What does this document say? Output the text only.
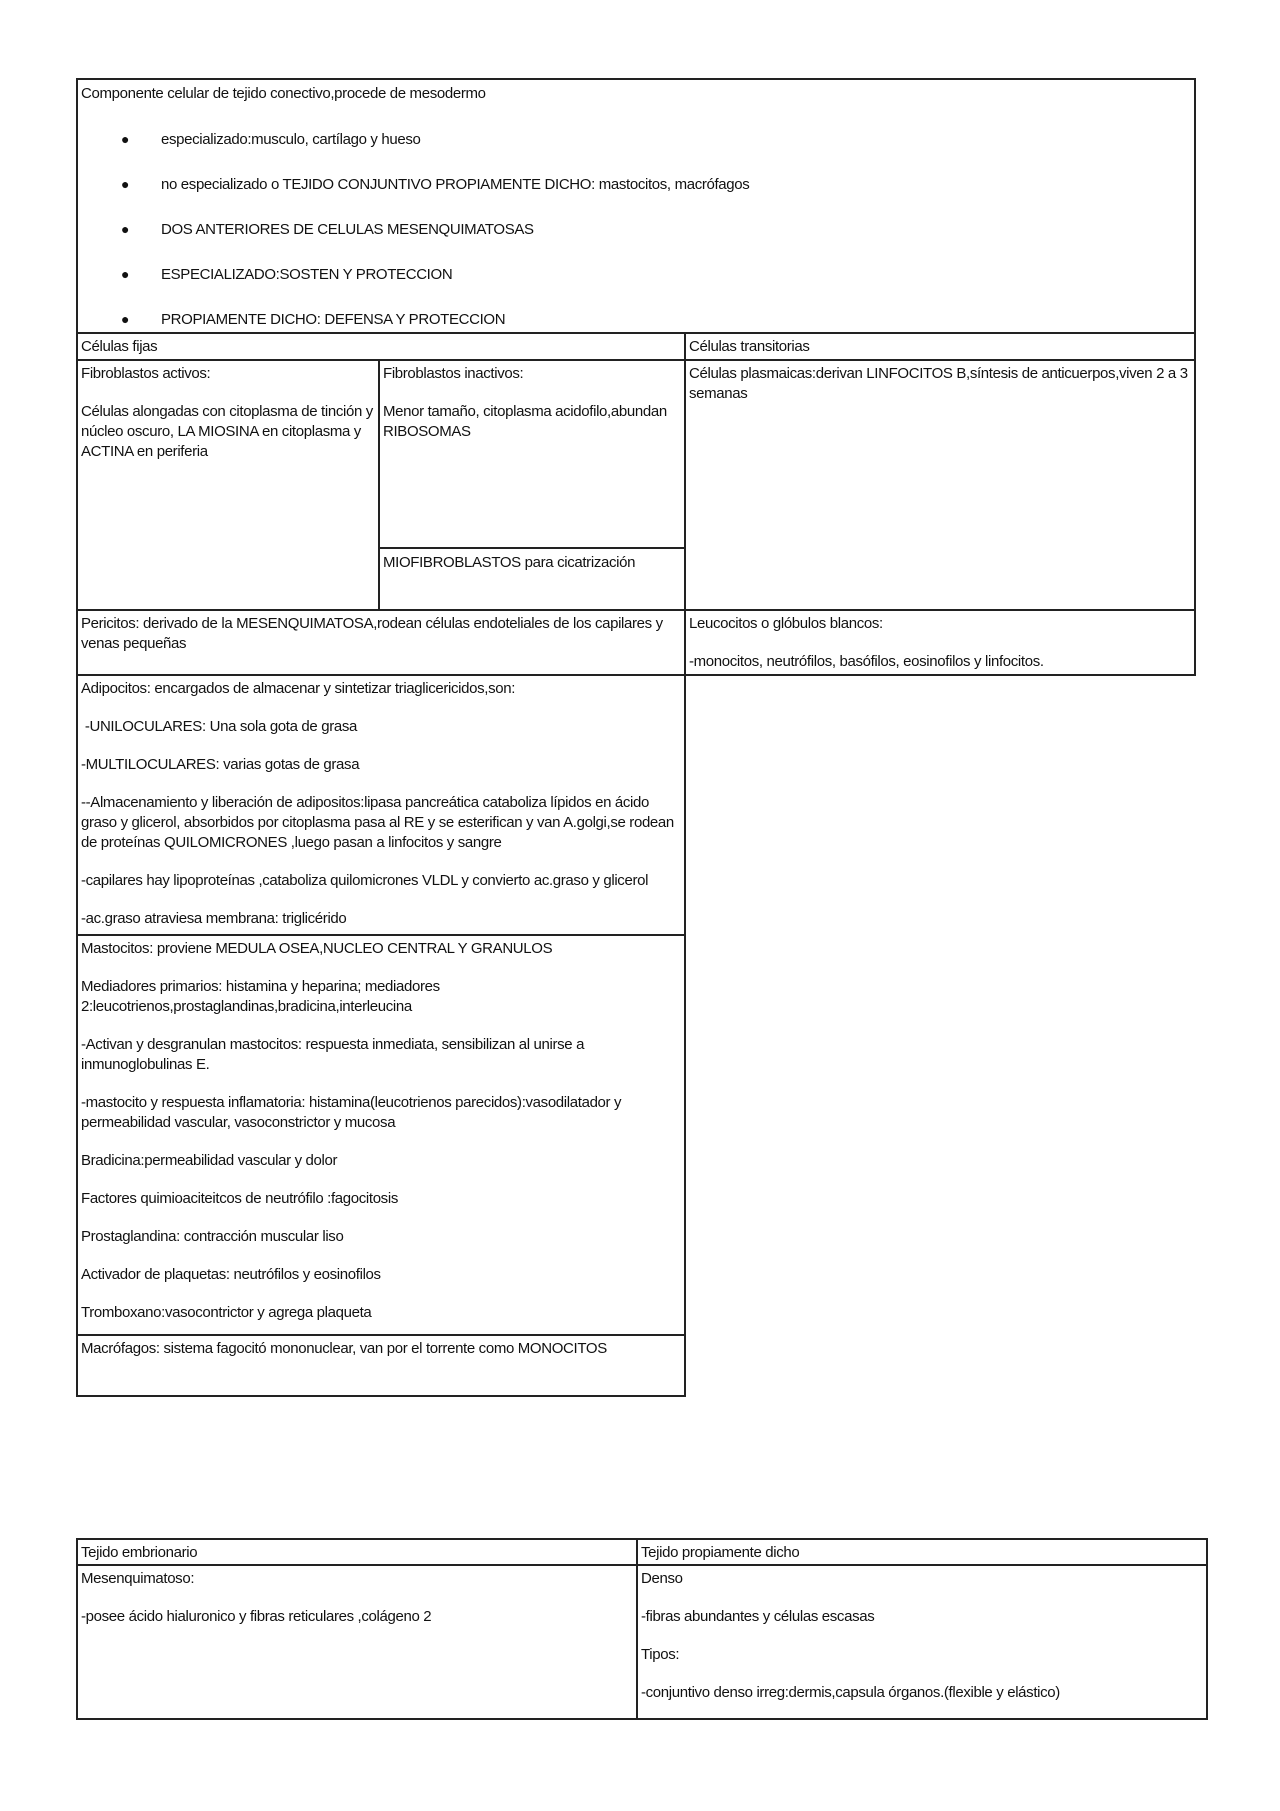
Componente celular de tejido conectivo,procede de mesodermo
● especializado:musculo, cartílago y hueso
● no especializado o TEJIDO CONJUNTIVO PROPIAMENTE DICHO: mastocitos, macrófagos
● DOS ANTERIORES DE CELULAS MESENQUIMATOSAS
● ESPECIALIZADO:SOSTEN Y PROTECCION
● PROPIAMENTE DICHO: DEFENSA Y PROTECCION
Células fijas	Células transitorias

Fibroblastos activos:

Células alongadas con citoplasma de tinción y núcleo oscuro, LA MIOSINA en citoplasma y ACTINA en periferia

Fibroblastos inactivos:

Menor tamaño, citoplasma acidofilo,abundan RIBOSOMAS

MIOFIBROBLASTOS para cicatrización
Células plasmaicas:derivan LINFOCITOS B,síntesis de anticuerpos,viven 2 a 3 semanas
Pericitos: derivado de la MESENQUIMATOSA,rodean células endoteliales de los capilares y venas pequeñas

Leucocitos o glóbulos blancos:

-monocitos, neutrófilos, basófilos, eosinofilos y linfocitos.

Adipocitos: encargados de almacenar y sintetizar triaglicericidos,son:

-UNILOCULARES: Una sola gota de grasa

-MULTILOCULARES: varias gotas de grasa

--Almacenamiento y liberación de adipositos:lipasa pancreática cataboliza lípidos en ácido graso y glicerol, absorbidos por citoplasma pasa al RE y se esterifican y van A.golgi,se rodean de proteínas QUILOMICRONES ,luego pasan a linfocitos y sangre

-capilares hay lipoproteínas ,cataboliza quilomicrones VLDL y convierto ac.graso y glicerol

-ac.graso atraviesa membrana: triglicérido

Mastocitos: proviene MEDULA OSEA,NUCLEO CENTRAL Y GRANULOS

Mediadores primarios: histamina y heparina; mediadores 2:leucotrienos,prostaglandinas,bradicina,interleucina

-Activan y desgranulan mastocitos: respuesta inmediata, sensibilizan al unirse a inmunoglobulinas E.

-mastocito y respuesta inflamatoria: histamina(leucotrienos parecidos):vasodilatador y permeabilidad vascular, vasoconstrictor y mucosa

Bradicina:permeabilidad vascular y dolor

Factores quimioaciteitcos de neutrófilo :fagocitosis

Prostaglandina: contracción muscular liso

Activador de plaquetas: neutrófilos y eosinofilos

Tromboxano:vasocontrictor y agrega plaqueta

Macrófagos: sistema fagocitó mononuclear, van por el torrente como MONOCITOS
Tejido embrionario	Tejido propiamente dicho

Mesenquimatoso:

-posee ácido hialuronico y fibras reticulares ,colágeno 2

Denso

-fibras abundantes y células escasas

Tipos:

-conjuntivo denso irreg:dermis,capsula órganos.(flexible y elástico)
